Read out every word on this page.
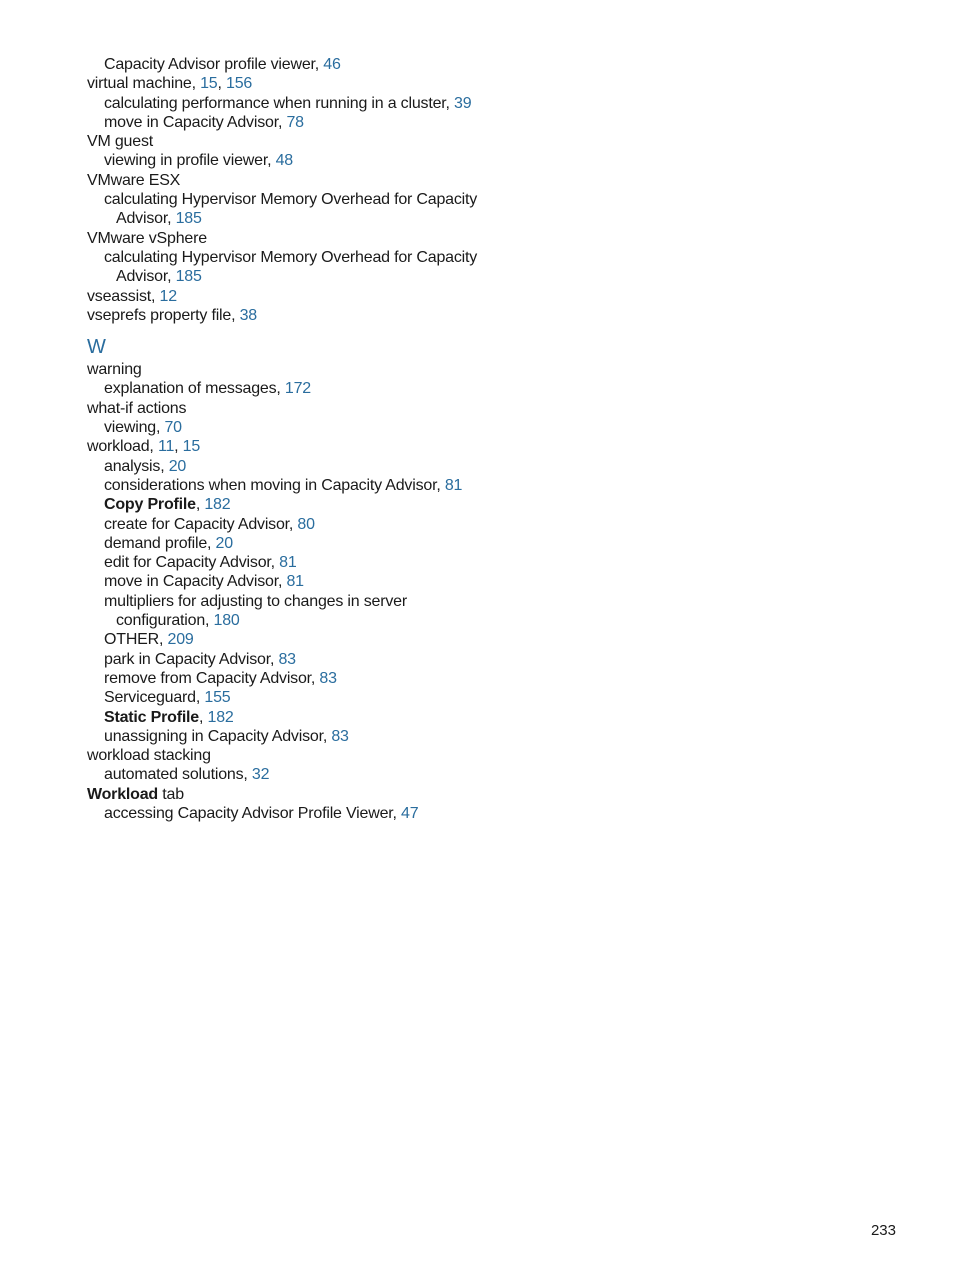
Capacity Advisor profile viewer, 46
virtual machine, 15, 156
calculating performance when running in a cluster, 39
move in Capacity Advisor, 78
VM guest
viewing in profile viewer, 48
VMware ESX
calculating Hypervisor Memory Overhead for Capacity
Advisor, 185
VMware vSphere
calculating Hypervisor Memory Overhead for Capacity
Advisor, 185
vseassist, 12
vseprefs property file, 38
W
warning
explanation of messages, 172
what-if actions
viewing, 70
workload, 11, 15
analysis, 20
considerations when moving in Capacity Advisor, 81
Copy Profile, 182
create for Capacity Advisor, 80
demand profile, 20
edit for Capacity Advisor, 81
move in Capacity Advisor, 81
multipliers for adjusting to changes in server
configuration, 180
OTHER, 209
park in Capacity Advisor, 83
remove from Capacity Advisor, 83
Serviceguard, 155
Static Profile, 182
unassigning in Capacity Advisor, 83
workload stacking
automated solutions, 32
Workload tab
accessing Capacity Advisor Profile Viewer, 47
233
